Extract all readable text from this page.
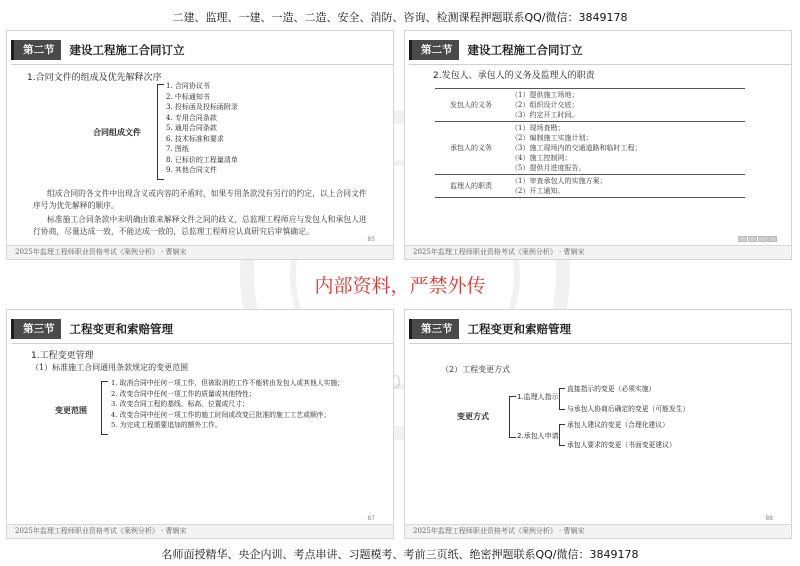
二建、监理、一建、一造、二造、安全、消防、咨询、检测课程押题联系QQ/微信：3849178
名师面授精华、央企内训、考点串讲、习题模考、考前三页纸、绝密押题联系QQ/微信：3849178
内部资料，严禁外传
第二节	建设工程施工合同订立
1.合同文件的组成及优先解释次序
合同组成文件
1. 合同协议书
2. 中标通知书
3. 投标函及投标函附录
4. 专用合同条款
5. 通用合同条款
6. 技术标准和要求
7. 图纸
8. 已标价的工程量清单
9. 其他合同文件
组成合同的各文件中出现含义或内容的矛盾时，如果专用条款没有另行的约定，以上合同文件序号为优先解释的顺序。
标准施工合同条款中未明确由谁来解释文件之间的歧义，总监理工程师应与发包人和承包人进行协商，尽量达成一致，不能达成一致的，总监理工程师应认真研究后审慎确定。
85
2025年监理工程师职业资格考试《案例分析》 · 曹娴宋
第二节	建设工程施工合同订立
2.发包人、承包人的义务及监理人的职责
发包人的义务	（1）提供施工场地；
（2）组织设计交底；
（3）约定开工时间。

承包人的义务	（1）现场查勘；
（2）编制施工实施计划；
（3）施工现场内的交通道路和临时工程；
（4）施工控制网；
（5）提供月进度报告。

监理人的职责	（1）审查承包人的实施方案；
（2）开工通知。
2025年监理工程师职业资格考试《案例分析》 · 曹娴宋
第三节	工程变更和索赔管理
1.工程变更管理
（1）标准施工合同通用条款规定的变更范围
变更范围
1. 取消合同中任何一项工作，但被取消的工作不能转由发包人或其他人实施；
2. 改变合同中任何一项工作的质量或其他特性；
3. 改变合同工程的基线、标高、位置或尺寸；
4. 改变合同中任何一项工作的施工时间或改变已批准的施工工艺或顺序；
5. 为完成工程需要追加的额外工作。
87
2025年监理工程师职业资格考试《案例分析》 · 曹娴宋
第三节	工程变更和索赔管理
（2）工程变更方式
变更方式
1.监理人指示
2.承包人申请
直接指示的变更（必须实施）
与承包人协商后确定的变更（可能发生）
承包人建议的变更（合理化建议）
承包人要求的变更（书面变更建议）
88
2025年监理工程师职业资格考试《案例分析》 · 曹娴宋
